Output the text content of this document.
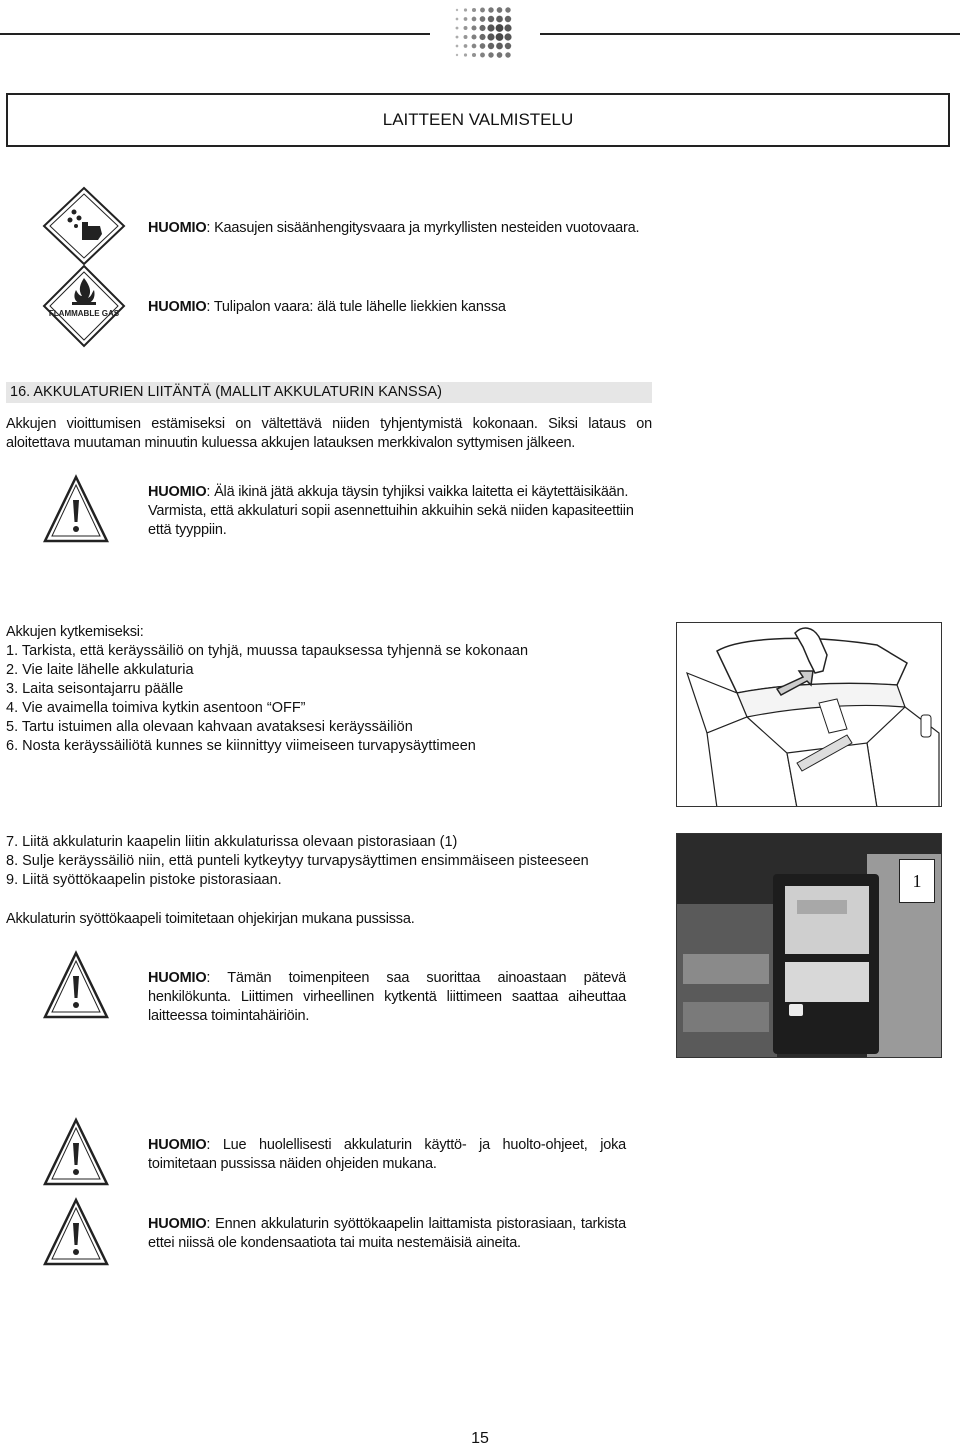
LAITTEEN VALMISTELU
HUOMIO: Kaasujen sisäänhengitysvaara ja myrkyllisten nesteiden vuotovaara.
FLAMMABLE GAS HUOMIO: Tulipalon vaara: älä tule lähelle liekkien kanssa
16. AKKULATURIEN LIITÄNTÄ (MALLIT AKKULATURIN KANSSA)
Akkujen vioittumisen estämiseksi on vältettävä niiden tyhjentymistä kokonaan. Siksi lataus on aloitettava muutaman minuutin kuluessa akkujen latauksen merkkivalon syttymisen jälkeen.
HUOMIO: Älä ikinä jätä akkuja täysin tyhjiksi vaikka laitetta ei käytettäisikään.
Varmista, että akkulaturi sopii asennettuihin akkuihin sekä niiden kapasiteettiin että tyyppiin.
Akkujen kytkemiseksi:
1. Tarkista, että keräyssäiliö on tyhjä, muussa tapauksessa tyhjennä se kokonaan
2. Vie laite lähelle akkulaturia
3. Laita seisontajarru päälle
4. Vie avaimella toimiva kytkin asentoon “OFF”
5. Tartu istuimen alla olevaan kahvaan avataksesi keräyssäiliön
6. Nosta keräyssäiliötä kunnes se kiinnittyy viimeiseen turvapysäyttimeen
7. Liitä akkulaturin kaapelin liitin akkulaturissa olevaan pistorasiaan (1)
8. Sulje keräyssäiliö niin, että punteli kytkeytyy turvapysäyttimen ensimmäiseen pisteeseen
9. Liitä syöttökaapelin pistoke pistorasiaan.
Akkulaturin syöttökaapeli toimitetaan ohjekirjan mukana pussissa.
1
HUOMIO: Tämän toimenpiteen saa suorittaa ainoastaan pätevä henkilökunta. Liittimen virheellinen kytkentä liittimeen saattaa aiheuttaa laitteessa toimintahäiriöin.
HUOMIO: Lue huolellisesti akkulaturin käyttö- ja huolto-ohjeet, joka toimitetaan pussissa näiden ohjeiden mukana.
HUOMIO: Ennen akkulaturin syöttökaapelin laittamista pistorasiaan, tarkista ettei niissä ole kondensaatiota tai muita nestemäisiä aineita.
15
